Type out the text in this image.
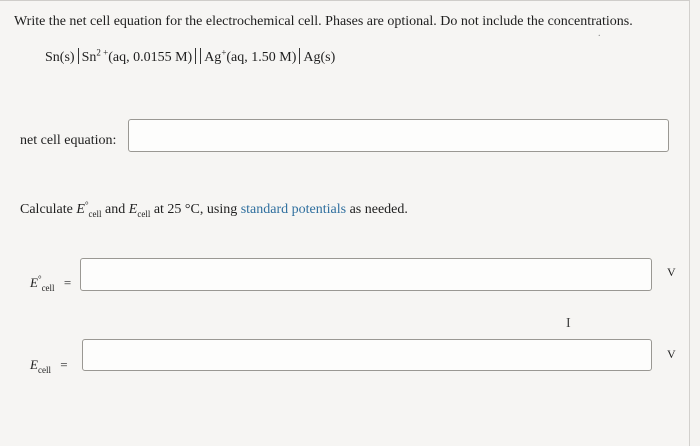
Write the net cell equation for the electrochemical cell. Phases are optional. Do not include the concentrations.
.
Sn(s) $Sn^{2 +}(aq$, 0.0155 M) Ag+(aq, 1.50 M) Ag(s)
net cell equation:
Calculate $E^\circ_{cell}$ and $E_{cell}$ at 25 °C, using standard potentials as needed.
$E^\circ_{cell}$ =
V
I
$E_{cell}$ =
V
